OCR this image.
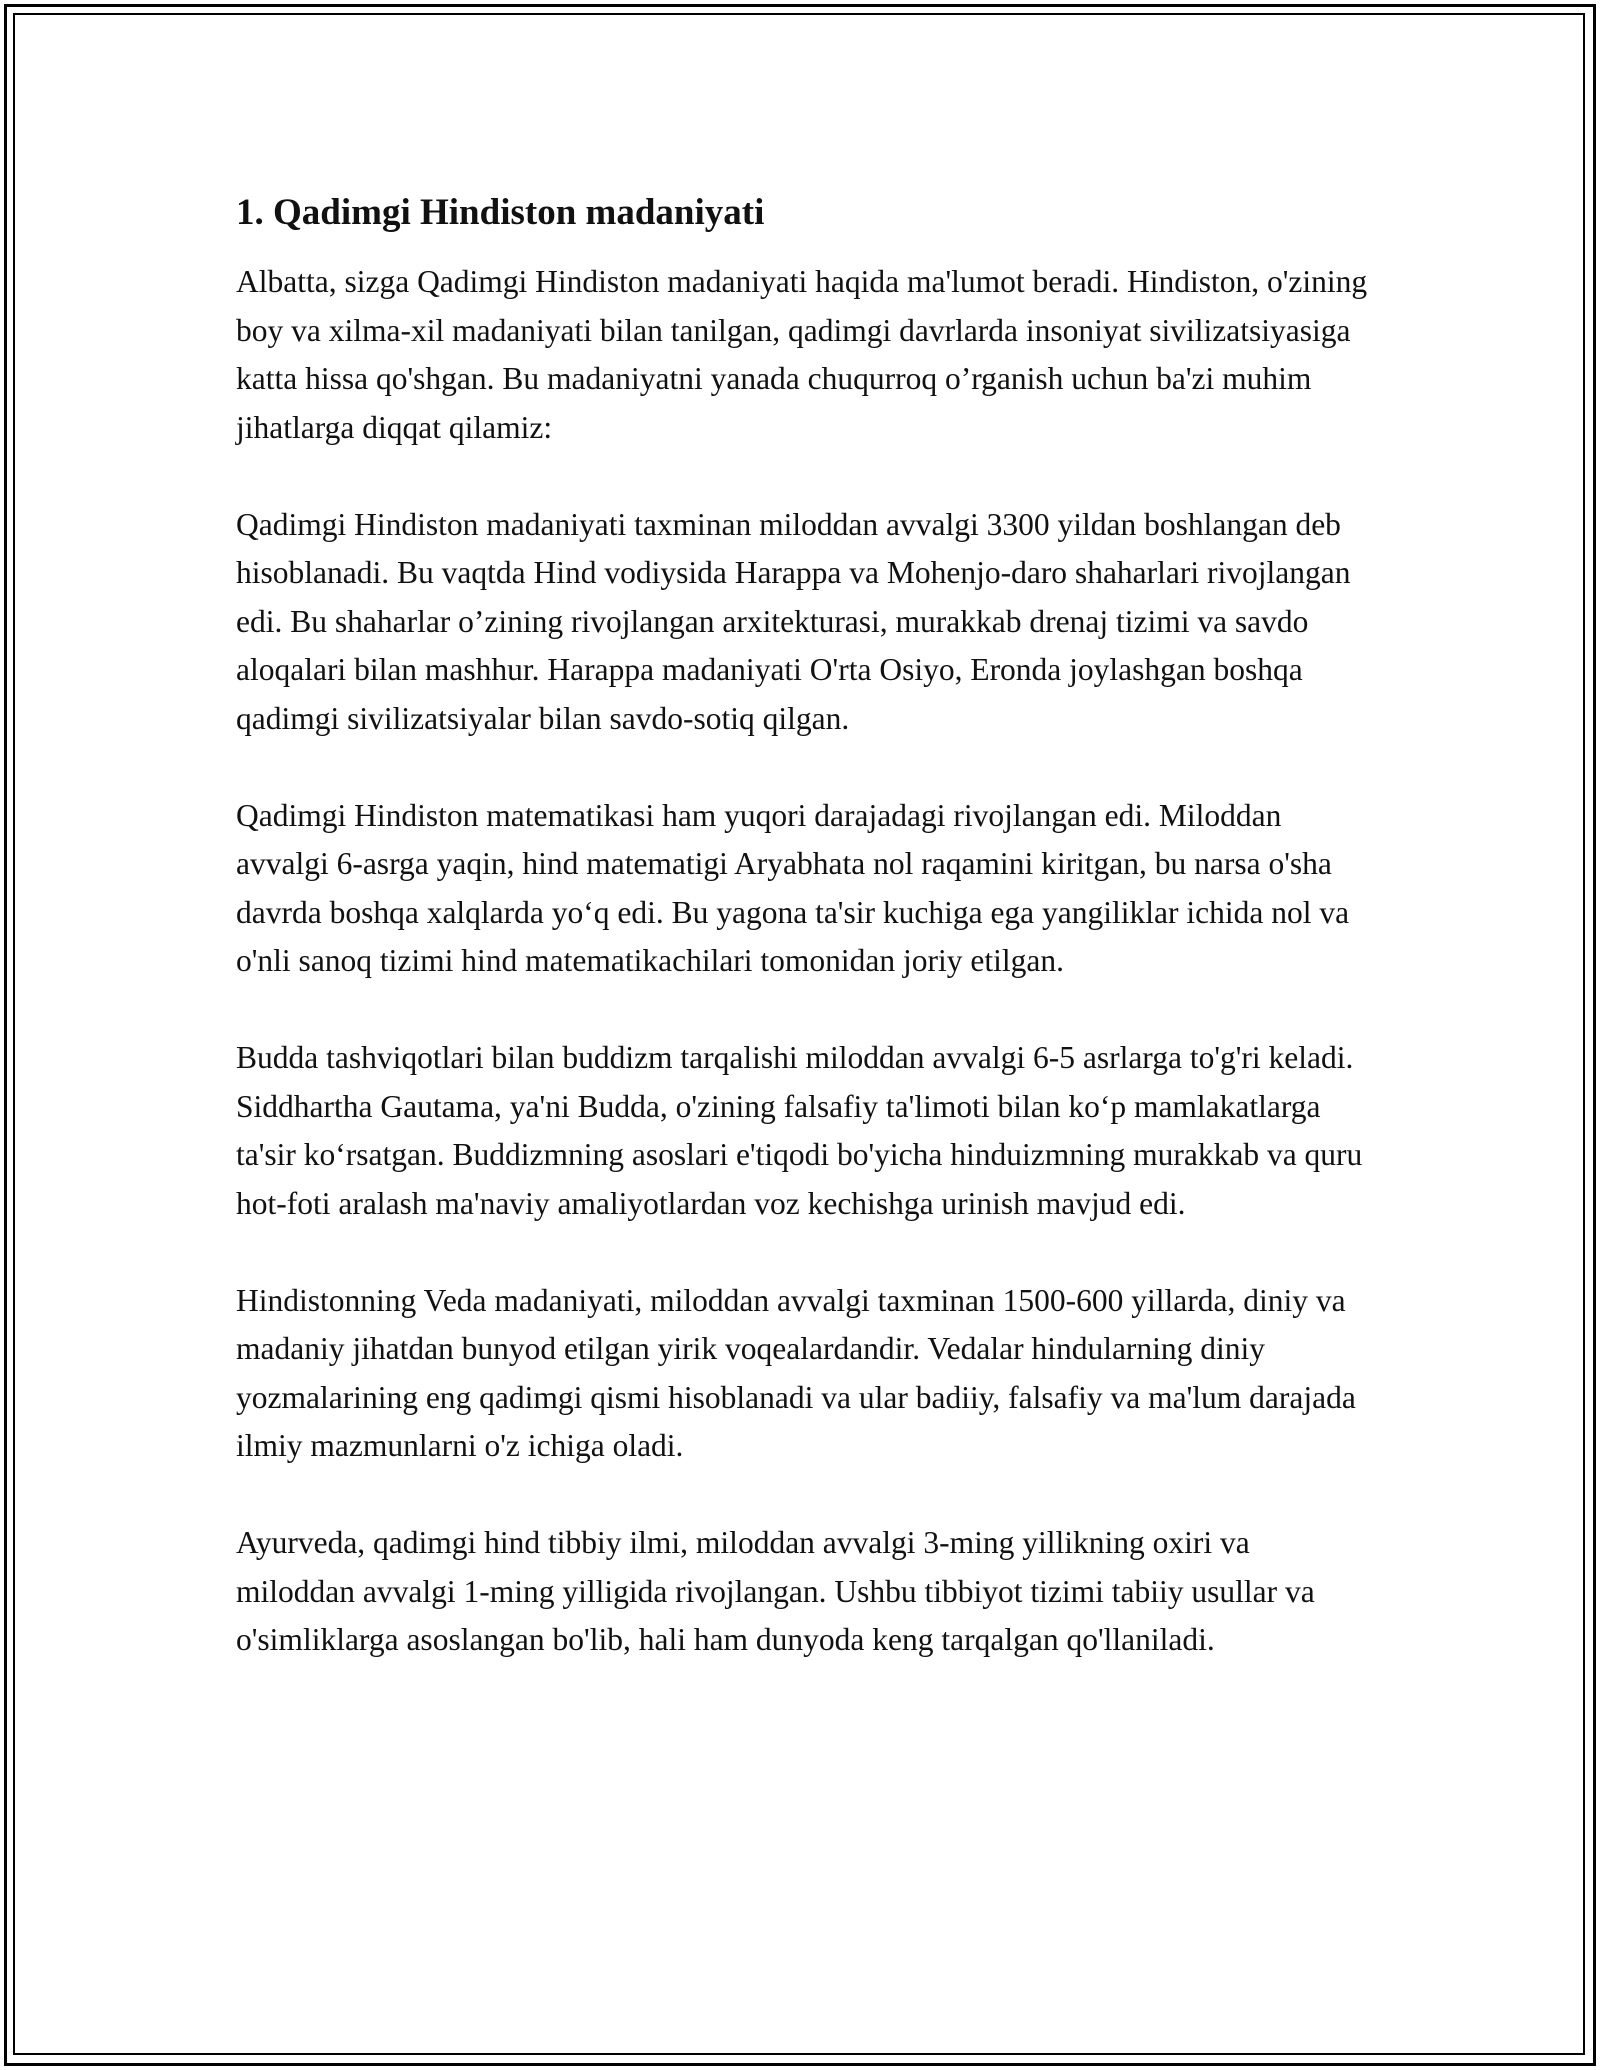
1. Qadimgi Hindiston madaniyati

Albatta, sizga Qadimgi Hindiston madaniyati haqida ma'lumot beradi. Hindiston, o'zining boy va xilma-xil madaniyati bilan tanilgan, qadimgi davrlarda insoniyat sivilizatsiyasiga katta hissa qo'shgan. Bu madaniyatni yanada chuqurroq o’rganish uchun ba'zi muhim jihatlarga diqqat qilamiz:

Qadimgi Hindiston madaniyati taxminan miloddan avvalgi 3300 yildan boshlangan deb hisoblanadi. Bu vaqtda Hind vodiysida Harappa va Mohenjo-daro shaharlari rivojlangan edi. Bu shaharlar o’zining rivojlangan arxitekturasi, murakkab drenaj tizimi va savdo aloqalari bilan mashhur. Harappa madaniyati O'rta Osiyo, Eronda joylashgan boshqa qadimgi sivilizatsiyalar bilan savdo-sotiq qilgan.

Qadimgi Hindiston matematikasi ham yuqori darajadagi rivojlangan edi. Miloddan avvalgi 6-asrga yaqin, hind matematigi Aryabhata nol raqamini kiritgan, bu narsa o'sha davrda boshqa xalqlarda yoʻq edi. Bu yagona ta'sir kuchiga ega yangiliklar ichida nol va o'nli sanoq tizimi hind matematikachilari tomonidan joriy etilgan.

Budda tashviqotlari bilan buddizm tarqalishi miloddan avvalgi 6-5 asrlarga to'g'ri keladi. Siddhartha Gautama, ya'ni Budda, o'zining falsafiy ta'limoti bilan koʻp mamlakatlarga ta'sir koʻrsatgan. Buddizmning asoslari e'tiqodi bo'yicha hinduizmning murakkab va quru hot-foti aralash ma'naviy amaliyotlardan voz kechishga urinish mavjud edi.

Hindistonning Veda madaniyati, miloddan avvalgi taxminan 1500-600 yillarda, diniy va madaniy jihatdan bunyod etilgan yirik voqealardandir. Vedalar hindularning diniy yozmalarining eng qadimgi qismi hisoblanadi va ular badiiy, falsafiy va ma'lum darajada ilmiy mazmunlarni o'z ichiga oladi.

Ayurveda, qadimgi hind tibbiy ilmi, miloddan avvalgi 3-ming yillikning oxiri va miloddan avvalgi 1-ming yilligida rivojlangan. Ushbu tibbiyot tizimi tabiiy usullar va o'simliklarga asoslangan bo'lib, hali ham dunyoda keng tarqalgan qo'llaniladi.
